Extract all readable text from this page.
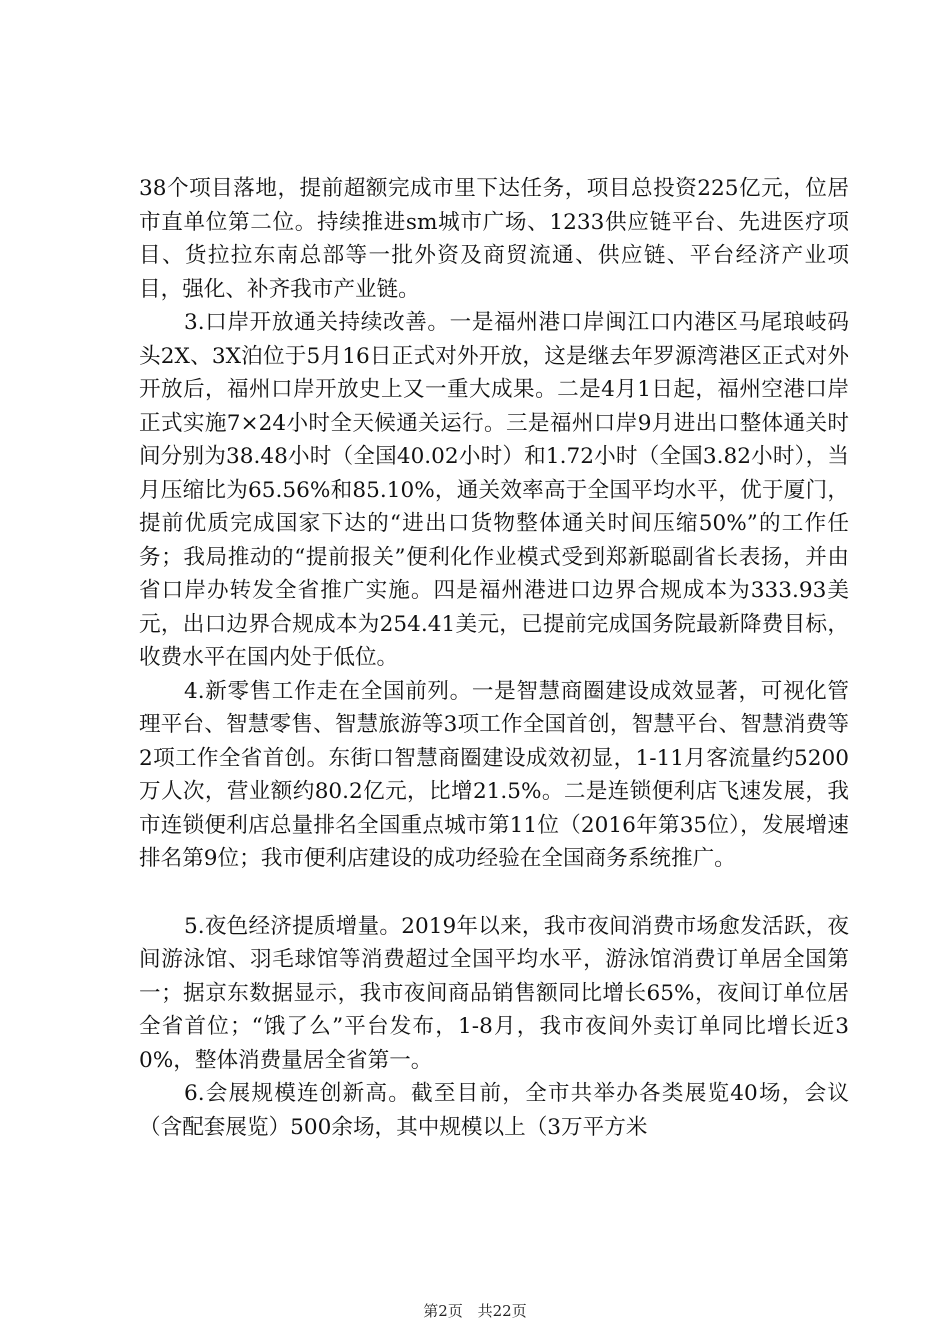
38个项目落地，提前超额完成市里下达任务，项目总投资225亿元，位居市直单位第二位。持续推进sm城市广场、1233供应链平台、先进医疗项目、货拉拉东南总部等一批外资及商贸流通、供应链、平台经济产业项目，强化、补齐我市产业链。

3.口岸开放通关持续改善。一是福州港口岸闽江口内港区马尾琅岐码头2X、3X泊位于5月16日正式对外开放，这是继去年罗源湾港区正式对外开放后，福州口岸开放史上又一重大成果。二是4月1日起，福州空港口岸正式实施7×24小时全天候通关运行。三是福州口岸9月进出口整体通关时间分别为38.48小时（全国40.02小时）和1.72小时（全国3.82小时），当月压缩比为65.56%和85.10%，通关效率高于全国平均水平，优于厦门，提前优质完成国家下达的“进出口货物整体通关时间压缩50%”的工作任务；我局推动的“提前报关”便利化作业模式受到郑新聪副省长表扬，并由省口岸办转发全省推广实施。四是福州港进口边界合规成本为333.93美元，出口边界合规成本为254.41美元，已提前完成国务院最新降费目标，收费水平在国内处于低位。

4.新零售工作走在全国前列。一是智慧商圈建设成效显著，可视化管理平台、智慧零售、智慧旅游等3项工作全国首创，智慧平台、智慧消费等2项工作全省首创。东街口智慧商圈建设成效初显，1-11月客流量约5200万人次，营业额约80.2亿元，比增21.5%。二是连锁便利店飞速发展，我市连锁便利店总量排名全国重点城市第11位（2016年第35位），发展增速排名第9位；我市便利店建设的成功经验在全国商务系统推广。

5.夜色经济提质增量。2019年以来，我市夜间消费市场愈发活跃，夜间游泳馆、羽毛球馆等消费超过全国平均水平，游泳馆消费订单居全国第一；据京东数据显示，我市夜间商品销售额同比增长65%，夜间订单位居全省首位；“饿了么”平台发布，1-8月，我市夜间外卖订单同比增长近30%，整体消费量居全省第一。

6.会展规模连创新高。截至目前，全市共举办各类展览40场，会议（含配套展览）500余场，其中规模以上（3万平方米

第2页 共22页
